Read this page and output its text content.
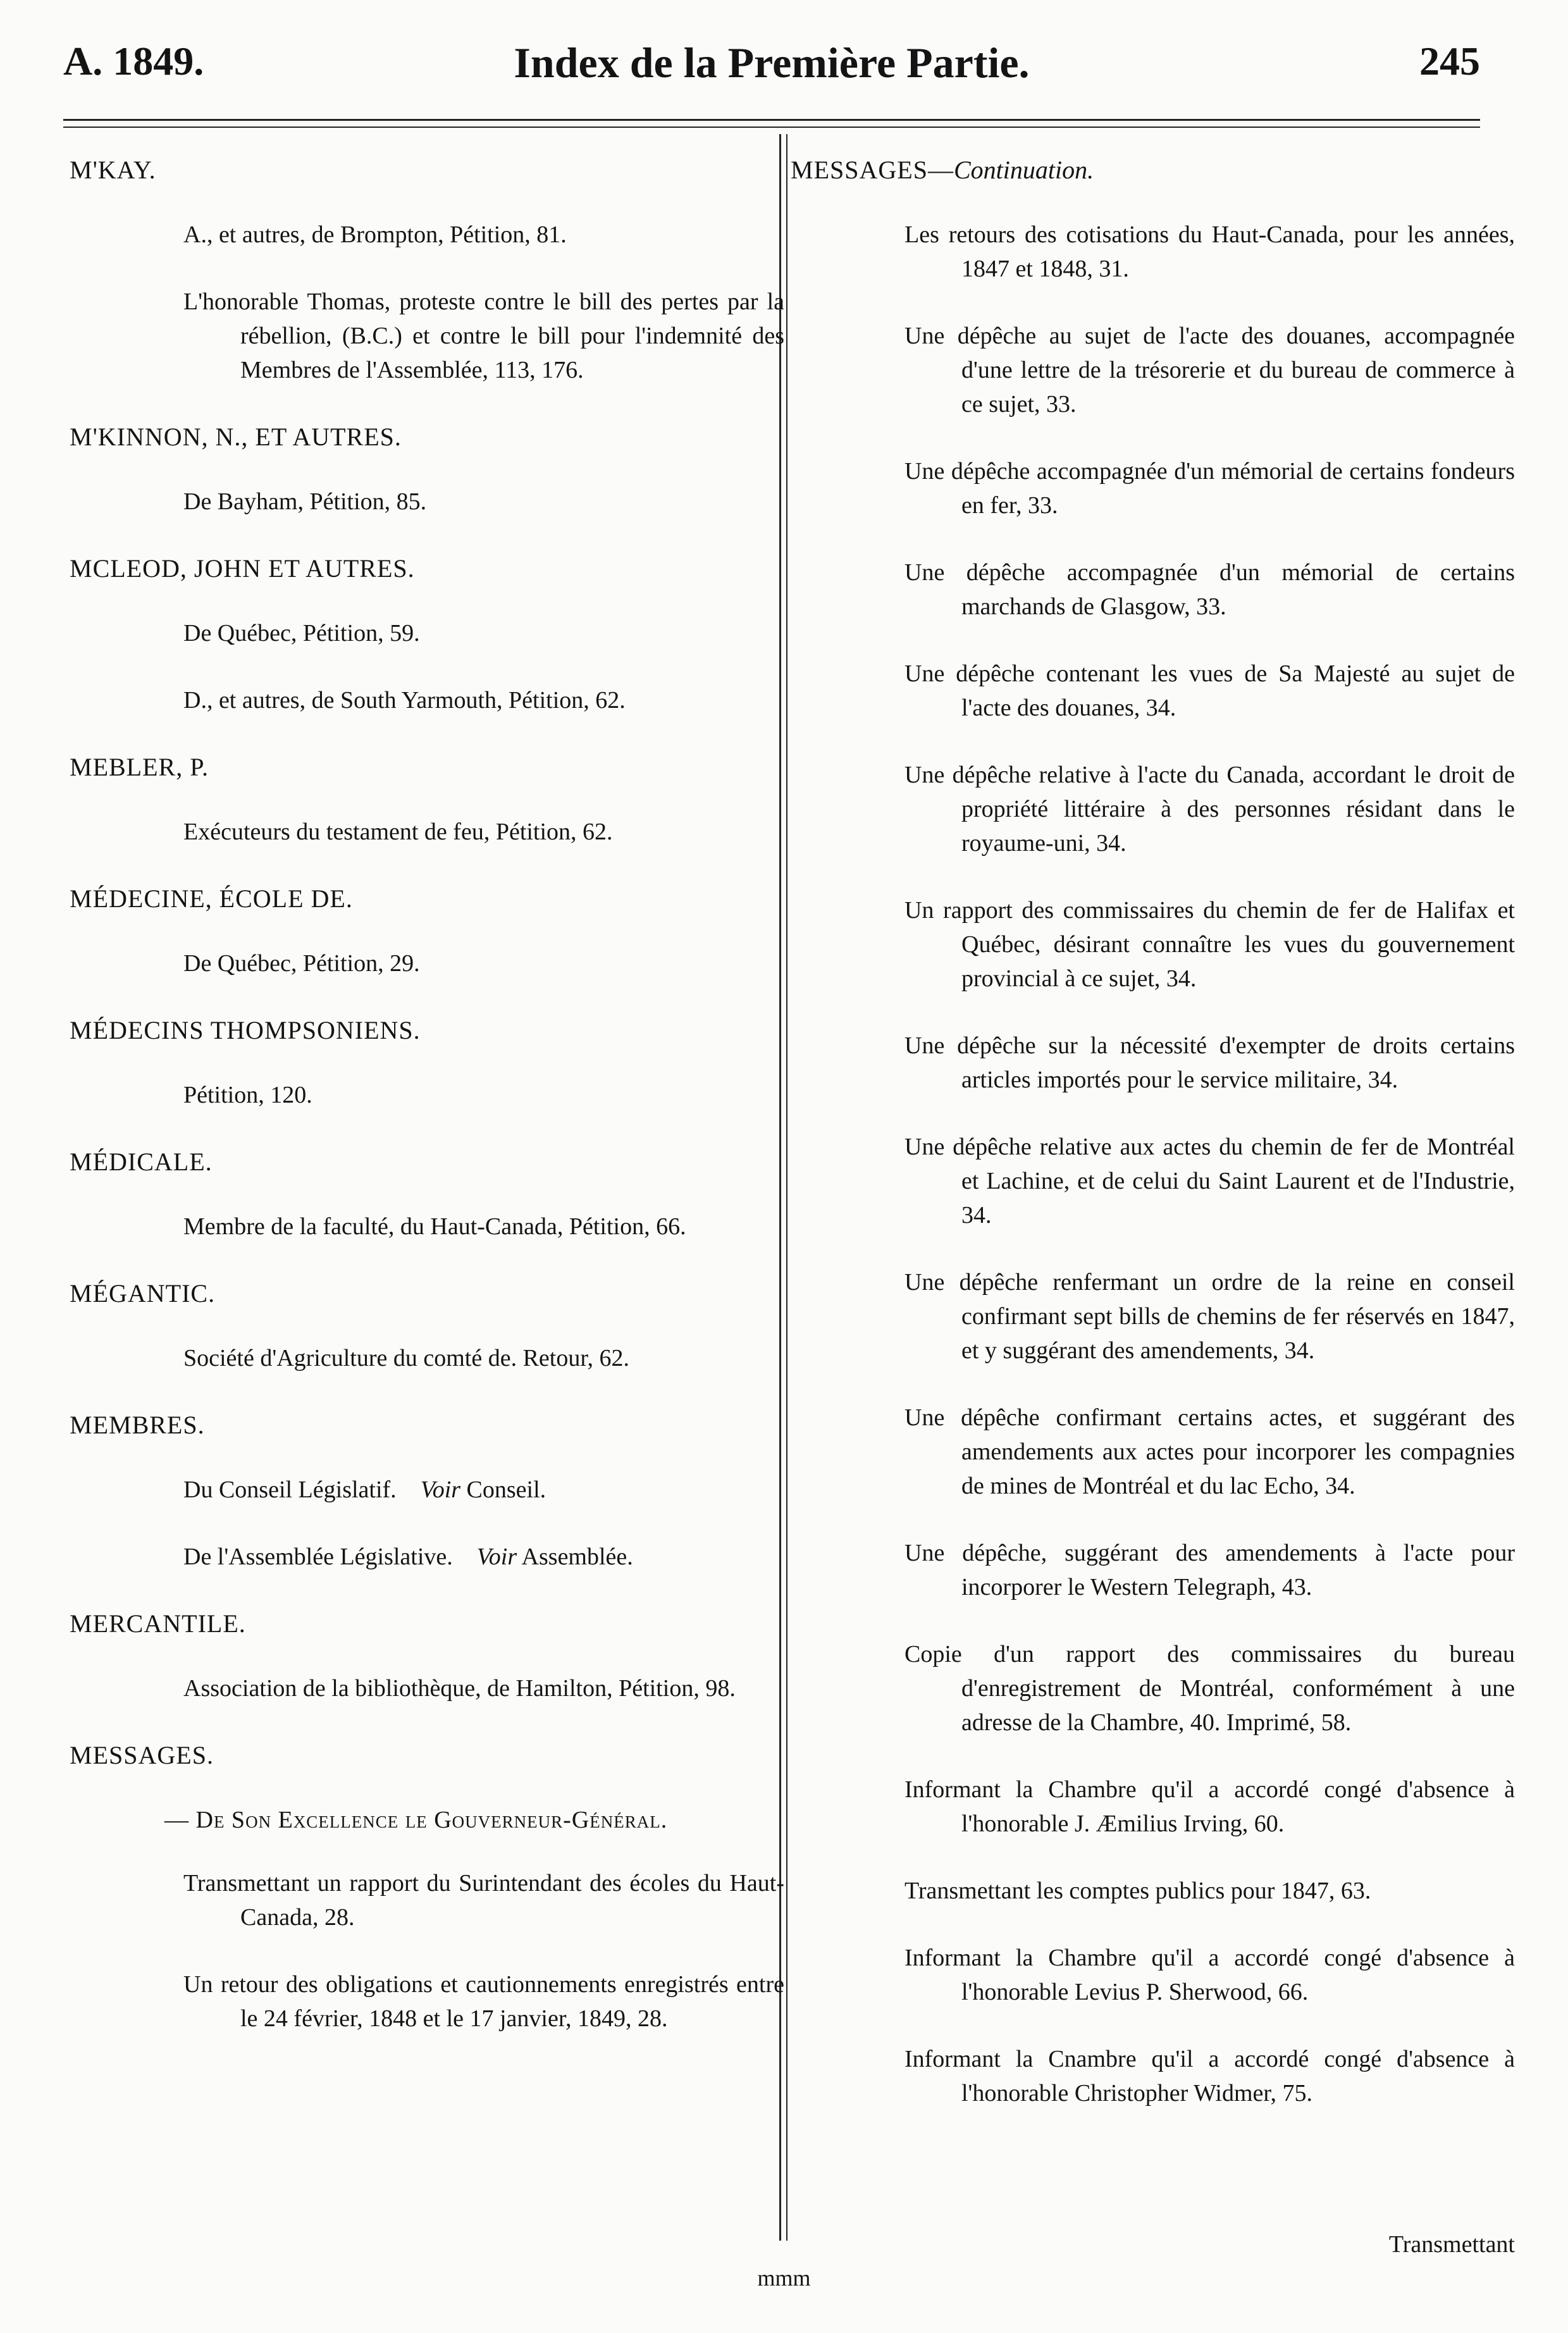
A. 1849.	Index de la Première Partie.	245
M'KAY.
A., et autres, de Brompton, Pétition, 81.
L'honorable Thomas, proteste contre le bill des pertes par la rébellion, (B.C.) et contre le bill pour l'indemnité des Membres de l'Assemblée, 113, 176.
M'KINNON, N., ET AUTRES.
De Bayham, Pétition, 85.
MCLEOD, JOHN ET AUTRES.
De Québec, Pétition, 59.
D., et autres, de South Yarmouth, Pétition, 62.
MEBLER, P.
Exécuteurs du testament de feu, Pétition, 62.
MÉDECINE, ÉCOLE DE.
De Québec, Pétition, 29.
MÉDECINS THOMPSONIENS.
Pétition, 120.
MÉDICALE.
Membre de la faculté, du Haut-Canada, Pétition, 66.
MÉGANTIC.
Société d'Agriculture du comté de. Retour, 62.
MEMBRES.
Du Conseil Législatif.  Voir Conseil.
De l'Assemblée Législative.  Voir Assemblée.
MERCANTILE.
Association de la bibliothèque, de Hamilton, Pétition, 98.
MESSAGES.
— De Son Excellence le Gouverneur-Général.
Transmettant un rapport du Surintendant des écoles du Haut-Canada, 28.
Un retour des obligations et cautionnements enregistrés entre le 24 février, 1848 et le 17 janvier, 1849, 28.
MESSAGES—Continuation.
Les retours des cotisations du Haut-Canada, pour les années, 1847 et 1848, 31.
Une dépêche au sujet de l'acte des douanes, accompagnée d'une lettre de la trésorerie et du bureau de commerce à ce sujet, 33.
Une dépêche accompagnée d'un mémorial de certains fondeurs en fer, 33.
Une dépêche accompagnée d'un mémorial de certains marchands de Glasgow, 33.
Une dépêche contenant les vues de Sa Majesté au sujet de l'acte des douanes, 34.
Une dépêche relative à l'acte du Canada, accordant le droit de propriété littéraire à des personnes résidant dans le royaume-uni, 34.
Un rapport des commissaires du chemin de fer de Halifax et Québec, désirant connaître les vues du gouvernement provincial à ce sujet, 34.
Une dépêche sur la nécessité d'exempter de droits certains articles importés pour le service militaire, 34.
Une dépêche relative aux actes du chemin de fer de Montréal et Lachine, et de celui du Saint Laurent et de l'Industrie, 34.
Une dépêche renfermant un ordre de la reine en conseil confirmant sept bills de chemins de fer réservés en 1847, et y suggérant des amendements, 34.
Une dépêche confirmant certains actes, et suggérant des amendements aux actes pour incorporer les compagnies de mines de Montréal et du lac Echo, 34.
Une dépêche, suggérant des amendements à l'acte pour incorporer le Western Telegraph, 43.
Copie d'un rapport des commissaires du bureau d'enregistrement de Montréal, conformément à une adresse de la Chambre, 40. Imprimé, 58.
Informant la Chambre qu'il a accordé congé d'absence à l'honorable J. Æmilius Irving, 60.
Transmettant les comptes publics pour 1847, 63.
Informant la Chambre qu'il a accordé congé d'absence à l'honorable Levius P. Sherwood, 66.
Informant la Cnambre qu'il a accordé congé d'absence à l'honorable Christopher Widmer, 75.
Transmettant
mmm
